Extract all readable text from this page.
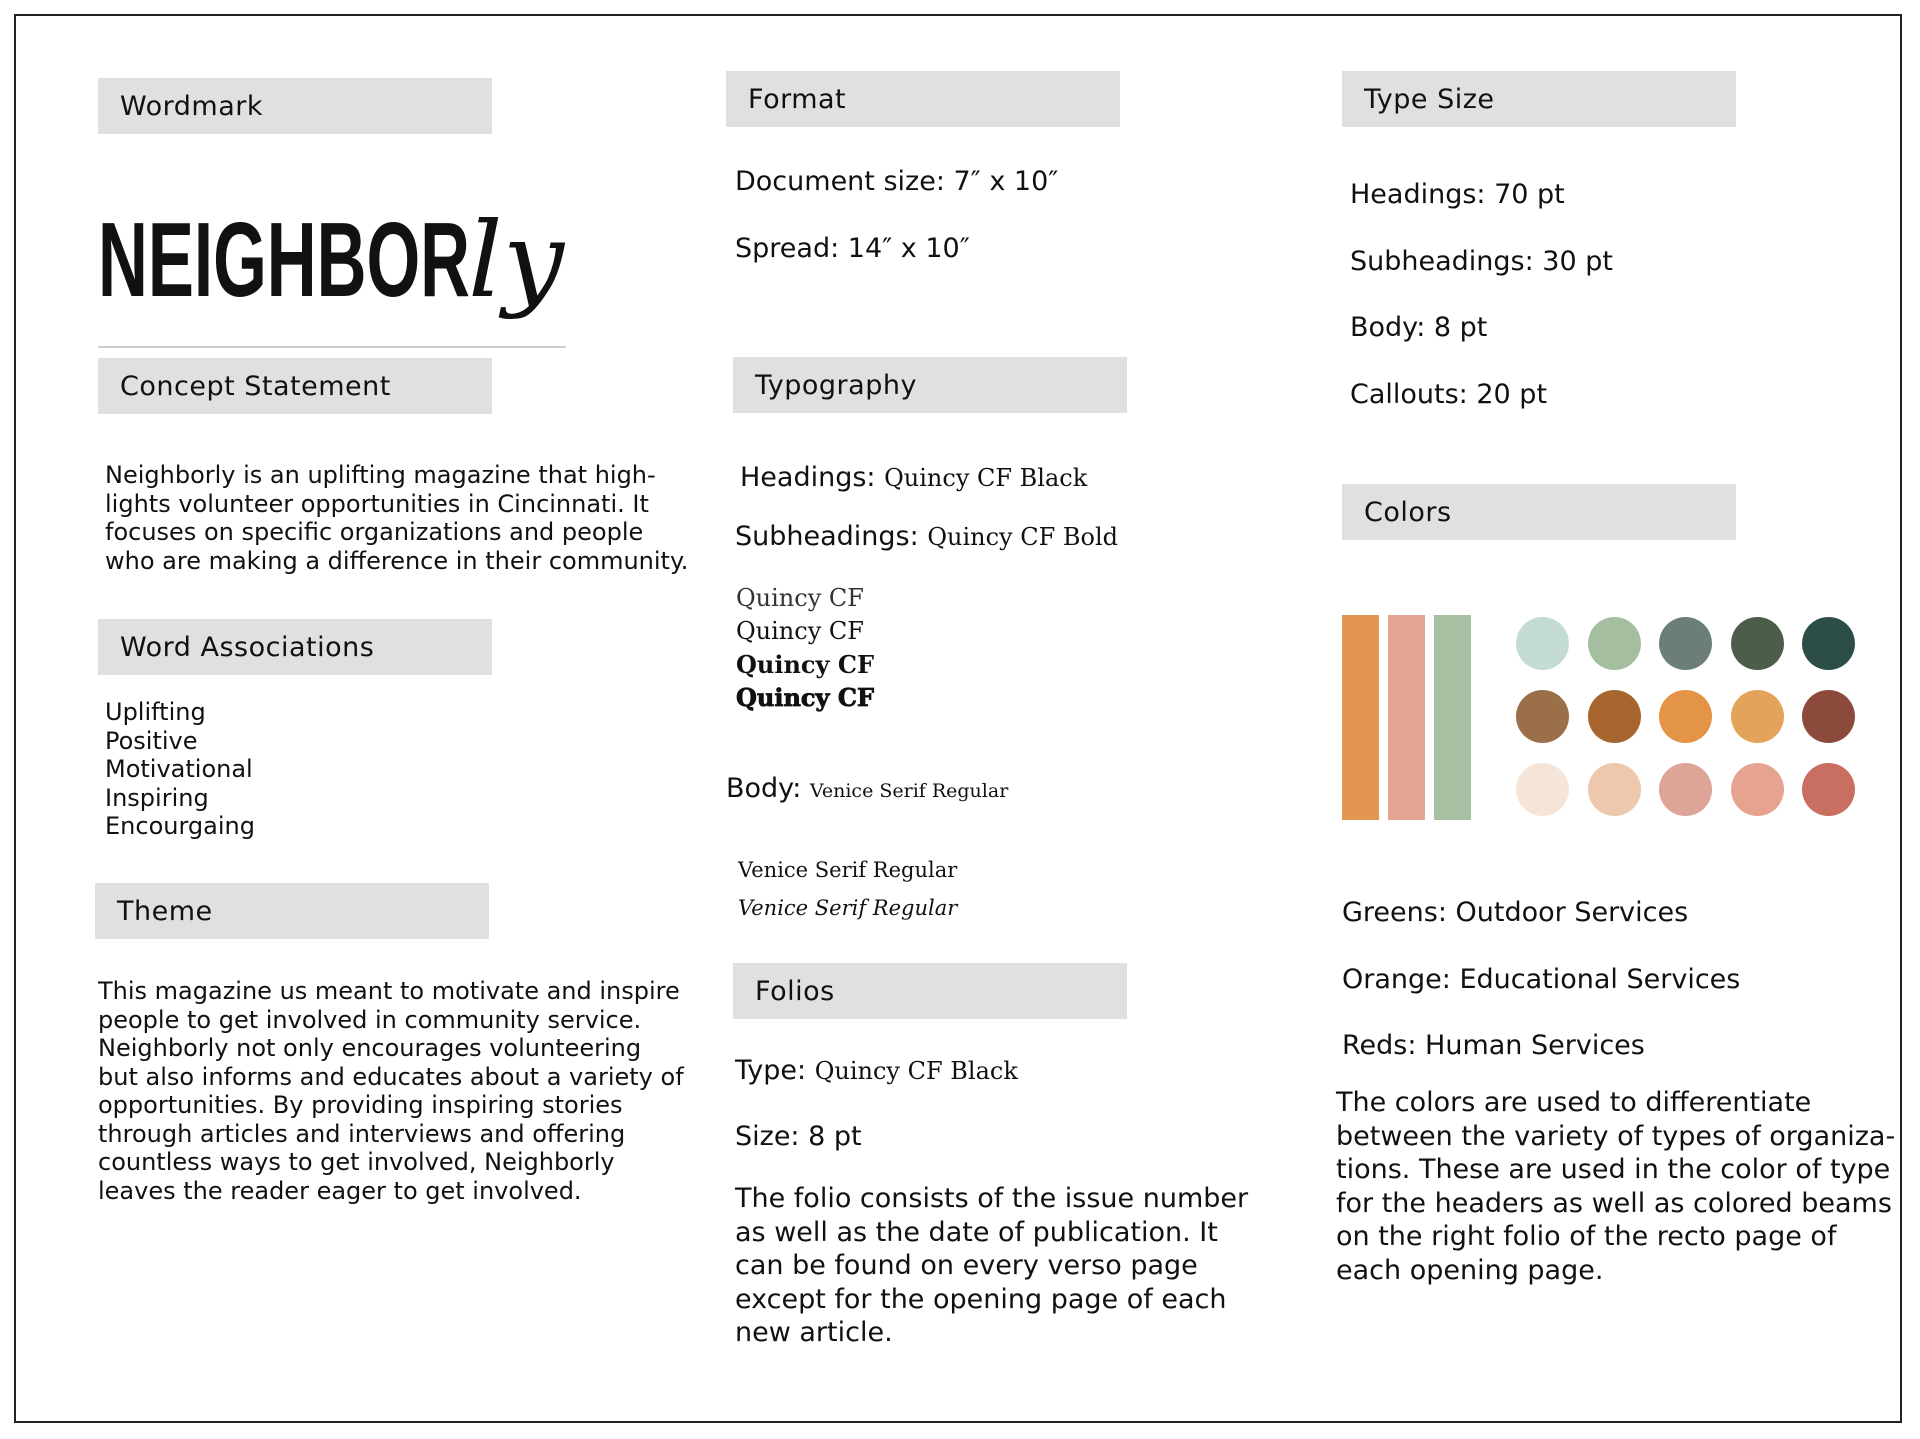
Wordmark
NEIGHBOR
ly
Concept Statement
Neighborly is an uplifting magazine that high-
lights volunteer opportunities in Cincinnati. It
focuses on specific organizations and people
who are making a difference in their community.
Word Associations
Uplifting
Positive
Motivational
Inspiring
Encourgaing
Theme
This magazine us meant to motivate and inspire
people to get involved in community service.
Neighborly not only encourages volunteering
but also informs and educates about a variety of
opportunities. By providing inspiring stories
through articles and interviews and offering
countless ways to get involved, Neighborly
leaves the reader eager to get involved.
Format
Document size: 7″ x 10″
Spread: 14″ x 10″
Typography
Headings: Quincy CF Black
Subheadings: Quincy CF Bold
Quincy CF
Quincy CF
Quincy CF
Quincy CF
Body: Venice Serif Regular
Venice Serif Regular
Venice Serif Regular
Folios
Type: Quincy CF Black
Size: 8 pt
The folio consists of the issue number
as well as the date of publication. It
can be found on every verso page
except for the opening page of each
new article.
Type Size
Headings: 70 pt
Subheadings: 30 pt
Body: 8 pt
Callouts: 20 pt
Colors
Greens: Outdoor Services
Orange: Educational Services
Reds: Human Services
The colors are used to differentiate
between the variety of types of organiza-
tions. These are used in the color of type
for the headers as well as colored beams
on the right folio of the recto page of
each opening page.
